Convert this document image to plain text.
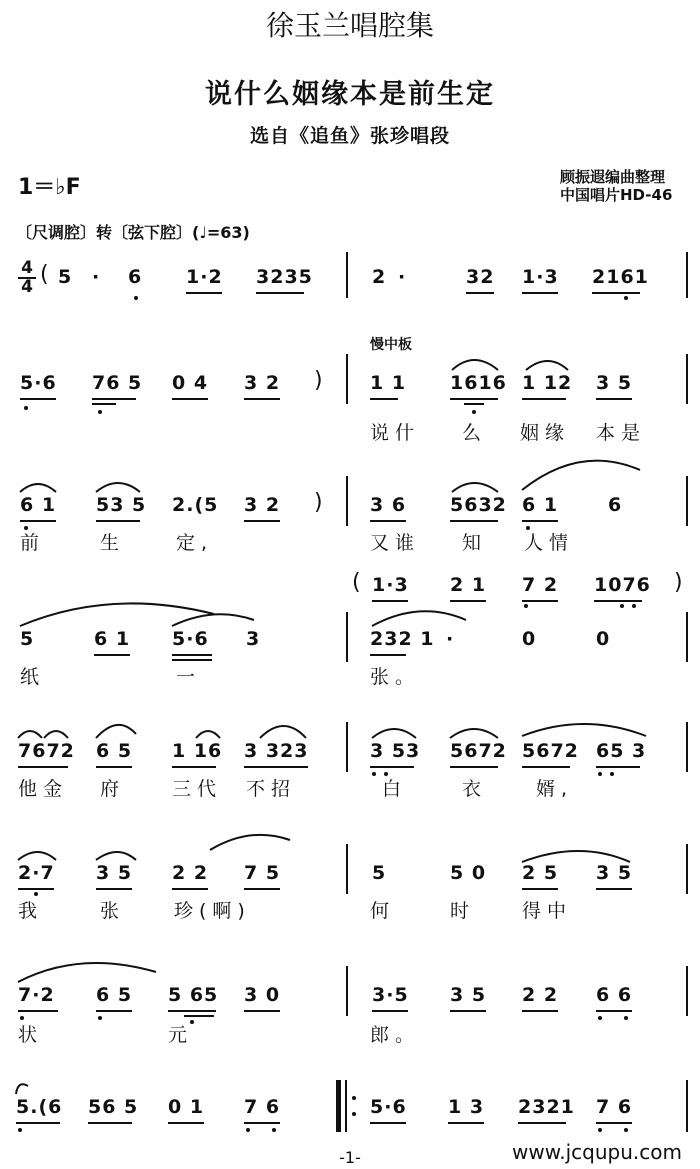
徐玉兰唱腔集
说什么姻缘本是前生定
选自《追鱼》张珍唱段
1＝♭F	顾振遐编曲整理
中国唱片HD-46
〔尺调腔〕转〔弦下腔〕(♩=63)
4
4 ( 5 · 6 1·2 3235	2 ·	32 1·3 2161
慢中板
5·6 76 5 0 4 3 2 ) 1 1 1616 1 12 3 5
说什 么 姻缘 本是
6 1 53 5 2.(5 3 2 ) 3 6 5632 6 1	6
前	生	定,	又谁 知 人情
( 1·3 2 1 7 2 1076 )
5	6 1 5·6 3	232 1 ·	0	0
纸	一	张。
7672 6 5 1 16 3 323	3 53 5672 5672 65 3
他金 府 三代 不招	白	衣	婿,
2·7 3 5 2 2 7 5	5	5 0 2 5 3 5
我	张	珍(啊)	何	时 得中
7·2 6 5 5 65 3 0	3·5 3 5 2 2 6 6
状	元	郎。
5.(6 56 5 0 1 7 6	5·6 1 3 2321 7 6
-1-	www.jcqupu.com
